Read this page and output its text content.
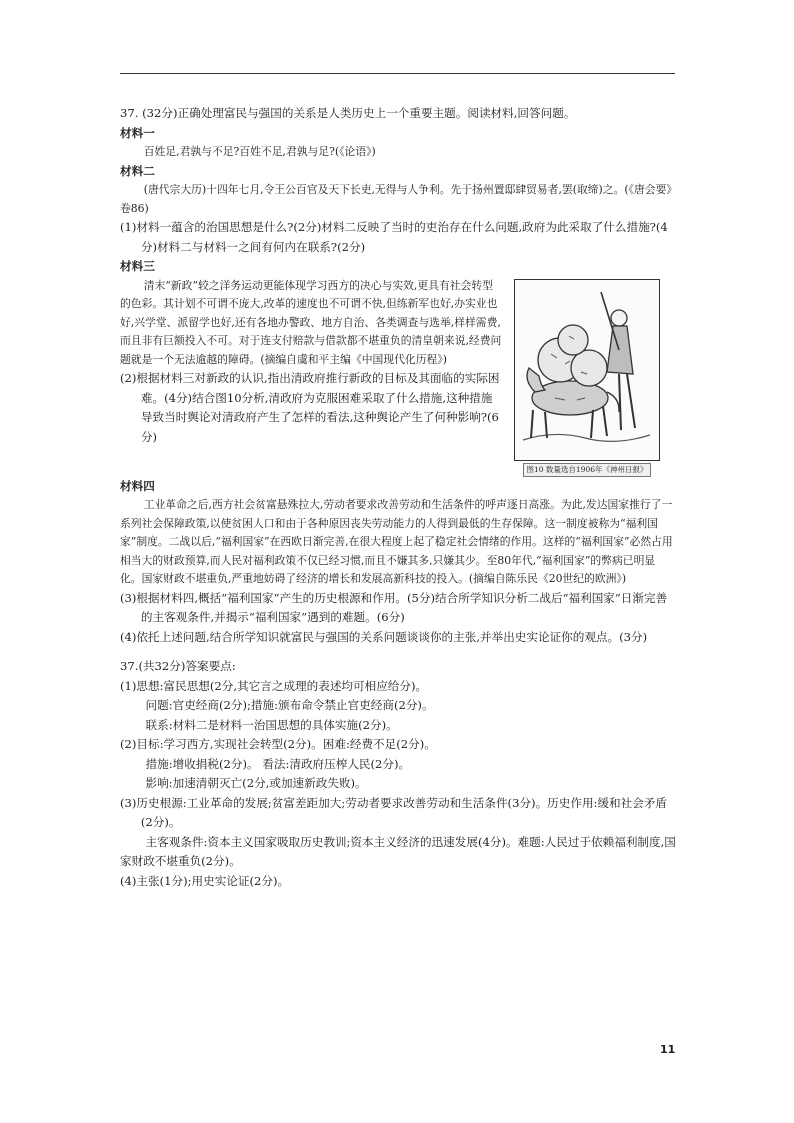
37. (32分)正确处理富民与强国的关系是人类历史上一个重要主题。阅读材料,回答问题。

材料一

百姓足,君孰与不足?百姓不足,君孰与足?(《论语》)

材料二

(唐代宗大历)十四年七月,令王公百官及天下长吏,无得与人争利。先于扬州置邸肆贸易者,罢(取缔)之。(《唐会要》卷86)

(1)材料一蕴含的治国思想是什么?(2分)材料二反映了当时的吏治存在什么问题,政府为此采取了什么措施?(4分)材料二与材料一之间有何内在联系?(2分)

材料三

清末“新政”较之洋务运动更能体现学习西方的决心与实效,更具有社会转型的色彩。其计划不可谓不庞大,改革的速度也不可谓不快,但练新军也好,办实业也好,兴学堂、派留学也好,还有各地办警政、地方自治、各类调查与选举,样样需费,而且非有巨额投入不可。对于连支付赔款与借款都不堪重负的清皇朝来说,经费问题就是一个无法逾越的障碍。(摘编自虞和平主编《中国现代化历程》)

(2)根据材料三对新政的认识,指出清政府推行新政的目标及其面临的实际困难。(4分)结合图10分析,清政府为克服困难采取了什么措施,这种措施导致当时舆论对清政府产生了怎样的看法,这种舆论产生了何种影响?(6分)

图10 数量选自1906年《神州日报》

材料四

工业革命之后,西方社会贫富悬殊拉大,劳动者要求改善劳动和生活条件的呼声逐日高涨。为此,发达国家推行了一系列社会保障政策,以使贫困人口和由于各种原因丧失劳动能力的人得到最低的生存保障。这一制度被称为“福利国家”制度。二战以后,“福利国家”在西欧日渐完善,在很大程度上起了稳定社会情绪的作用。这样的“福利国家”必然占用相当大的财政预算,而人民对福利政策不仅已经习惯,而且不嫌其多,只嫌其少。至80年代,“福利国家”的弊病已明显化。国家财政不堪重负,严重地妨碍了经济的增长和发展高新科技的投入。(摘编自陈乐民《20世纪的欧洲》)

(3)根据材料四,概括“福利国家”产生的历史根源和作用。(5分)结合所学知识分析二战后“福利国家”日渐完善的主客观条件,并揭示“福利国家”遇到的难题。(6分)

(4)依托上述问题,结合所学知识就富民与强国的关系问题谈谈你的主张,并举出史实论证你的观点。(3分)

37.(共32分)答案要点:

(1)思想:富民思想(2分,其它言之成理的表述均可相应给分)。

问题:官吏经商(2分);措施:颁布命令禁止官吏经商(2分)。

联系:材料二是材料一治国思想的具体实施(2分)。

(2)目标:学习西方,实现社会转型(2分)。困难:经费不足(2分)。

措施:增收捐税(2分)。 看法:清政府压榨人民(2分)。

影响:加速清朝灭亡(2分,或加速新政失败)。

(3)历史根源:工业革命的发展;贫富差距加大;劳动者要求改善劳动和生活条件(3分)。历史作用:缓和社会矛盾(2分)。

主客观条件:资本主义国家吸取历史教训;资本主义经济的迅速发展(4分)。难题:人民过于依赖福利制度,国家财政不堪重负(2分)。

(4)主张(1分);用史实论证(2分)。

11
